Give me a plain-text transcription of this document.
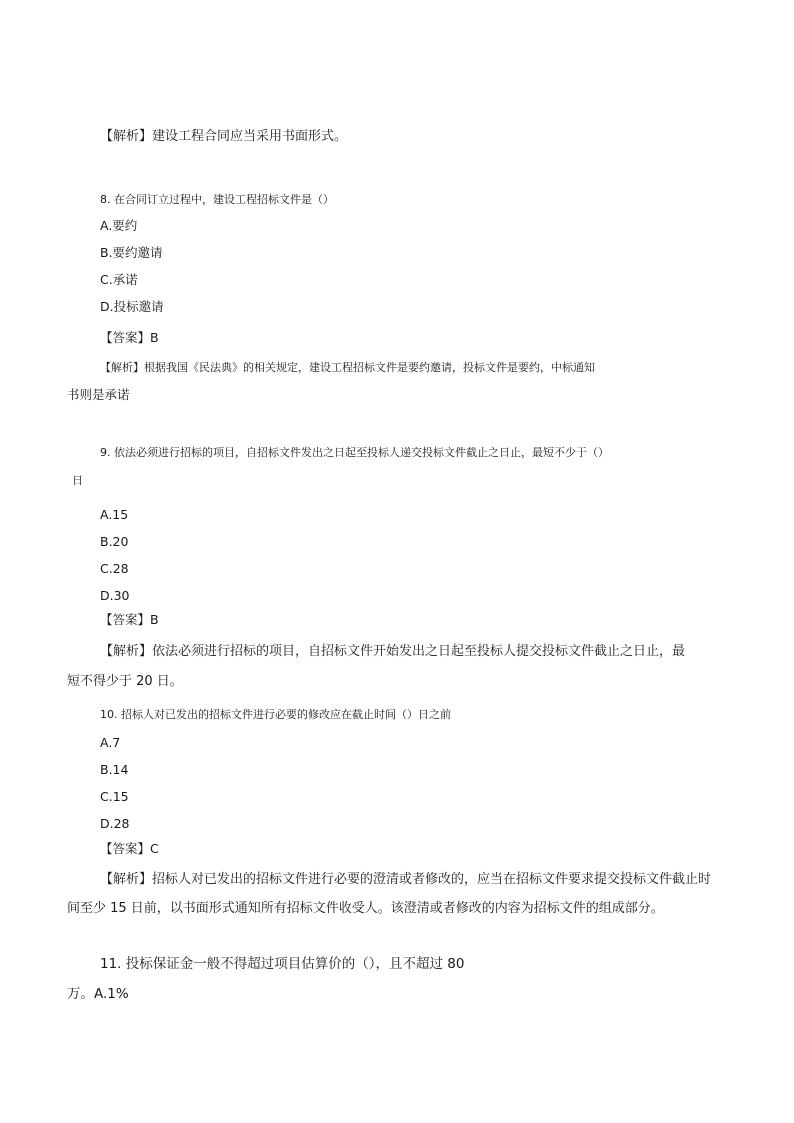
【解析】建设工程合同应当采用书面形式。
8. 在合同订立过程中，建设工程招标文件是（）
A.要约
B.要约邀请
C.承诺
D.投标邀请
【答案】B
【解析】根据我国《民法典》的相关规定，建设工程招标文件是要约邀请，投标文件是要约，中标通知
书则是承诺
9. 依法必须进行招标的项目，自招标文件发出之日起至投标人递交投标文件截止之日止，最短不少于（）
日
A.15
B.20
C.28
D.30
【答案】B
【解析】依法必须进行招标的项目，自招标文件开始发出之日起至投标人提交投标文件截止之日止，最
短不得少于 20 日。
10. 招标人对已发出的招标文件进行必要的修改应在截止时间（）日之前
A.7
B.14
C.15
D.28
【答案】C
【解析】招标人对已发出的招标文件进行必要的澄清或者修改的，应当在招标文件要求提交投标文件截止时
间至少 15 日前，以书面形式通知所有招标文件收受人。该澄清或者修改的内容为招标文件的组成部分。
11. 投标保证金一般不得超过项目估算价的（），且不超过 80
万。A.1%
